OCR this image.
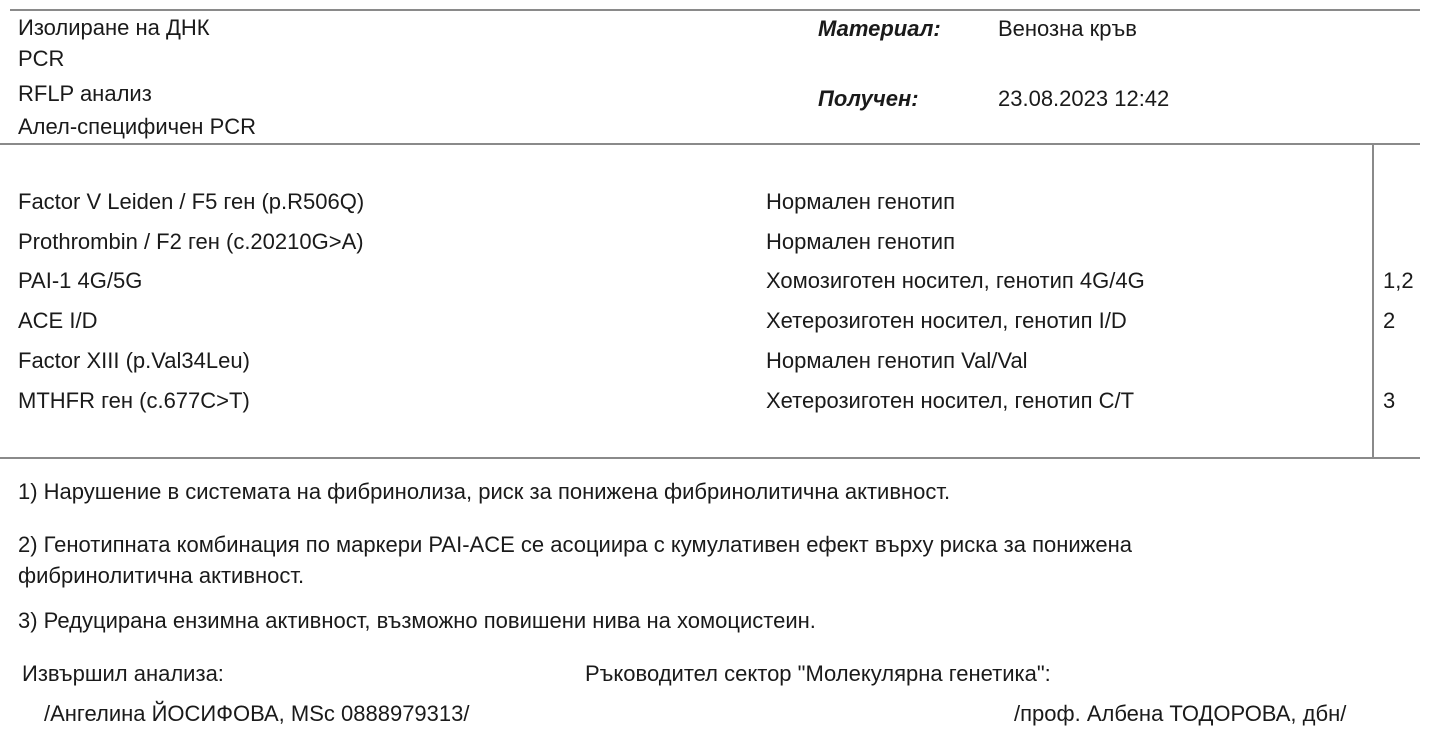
Изолиране на ДНК
PCR
RFLP анализ
Алел-специфичен PCR
Материал:	Венозна кръв
Получен:	23.08.2023 12:42
Factor V Leiden / F5 ген (p.R506Q)	Нормален генотип
Prothrombin / F2 ген (c.20210G>A)	Нормален генотип
PAI-1 4G/5G	Хомозиготен носител, генотип 4G/4G	1,2
ACE I/D	Хетерозиготен носител, генотип I/D	2
Factor XIII (p.Val34Leu)	Нормален генотип Val/Val
MTHFR ген (c.677C>T)	Хетерозиготен носител, генотип C/T	3
1) Нарушение в системата на фибринолиза, риск за понижена фибринолитична активност.
2) Генотипната комбинация по маркери PAI-ACE се асоциира с кумулативен ефект върху риска за понижена
фибринолитична активност.
3) Редуцирана ензимна активност, възможно повишени нива на хомоцистеин.
Извършил анализа:	Ръководител сектор "Молекулярна генетика":
/Ангелина ЙОСИФОВА, MSc 0888979313/	/проф. Албена ТОДОРОВА, дбн/
